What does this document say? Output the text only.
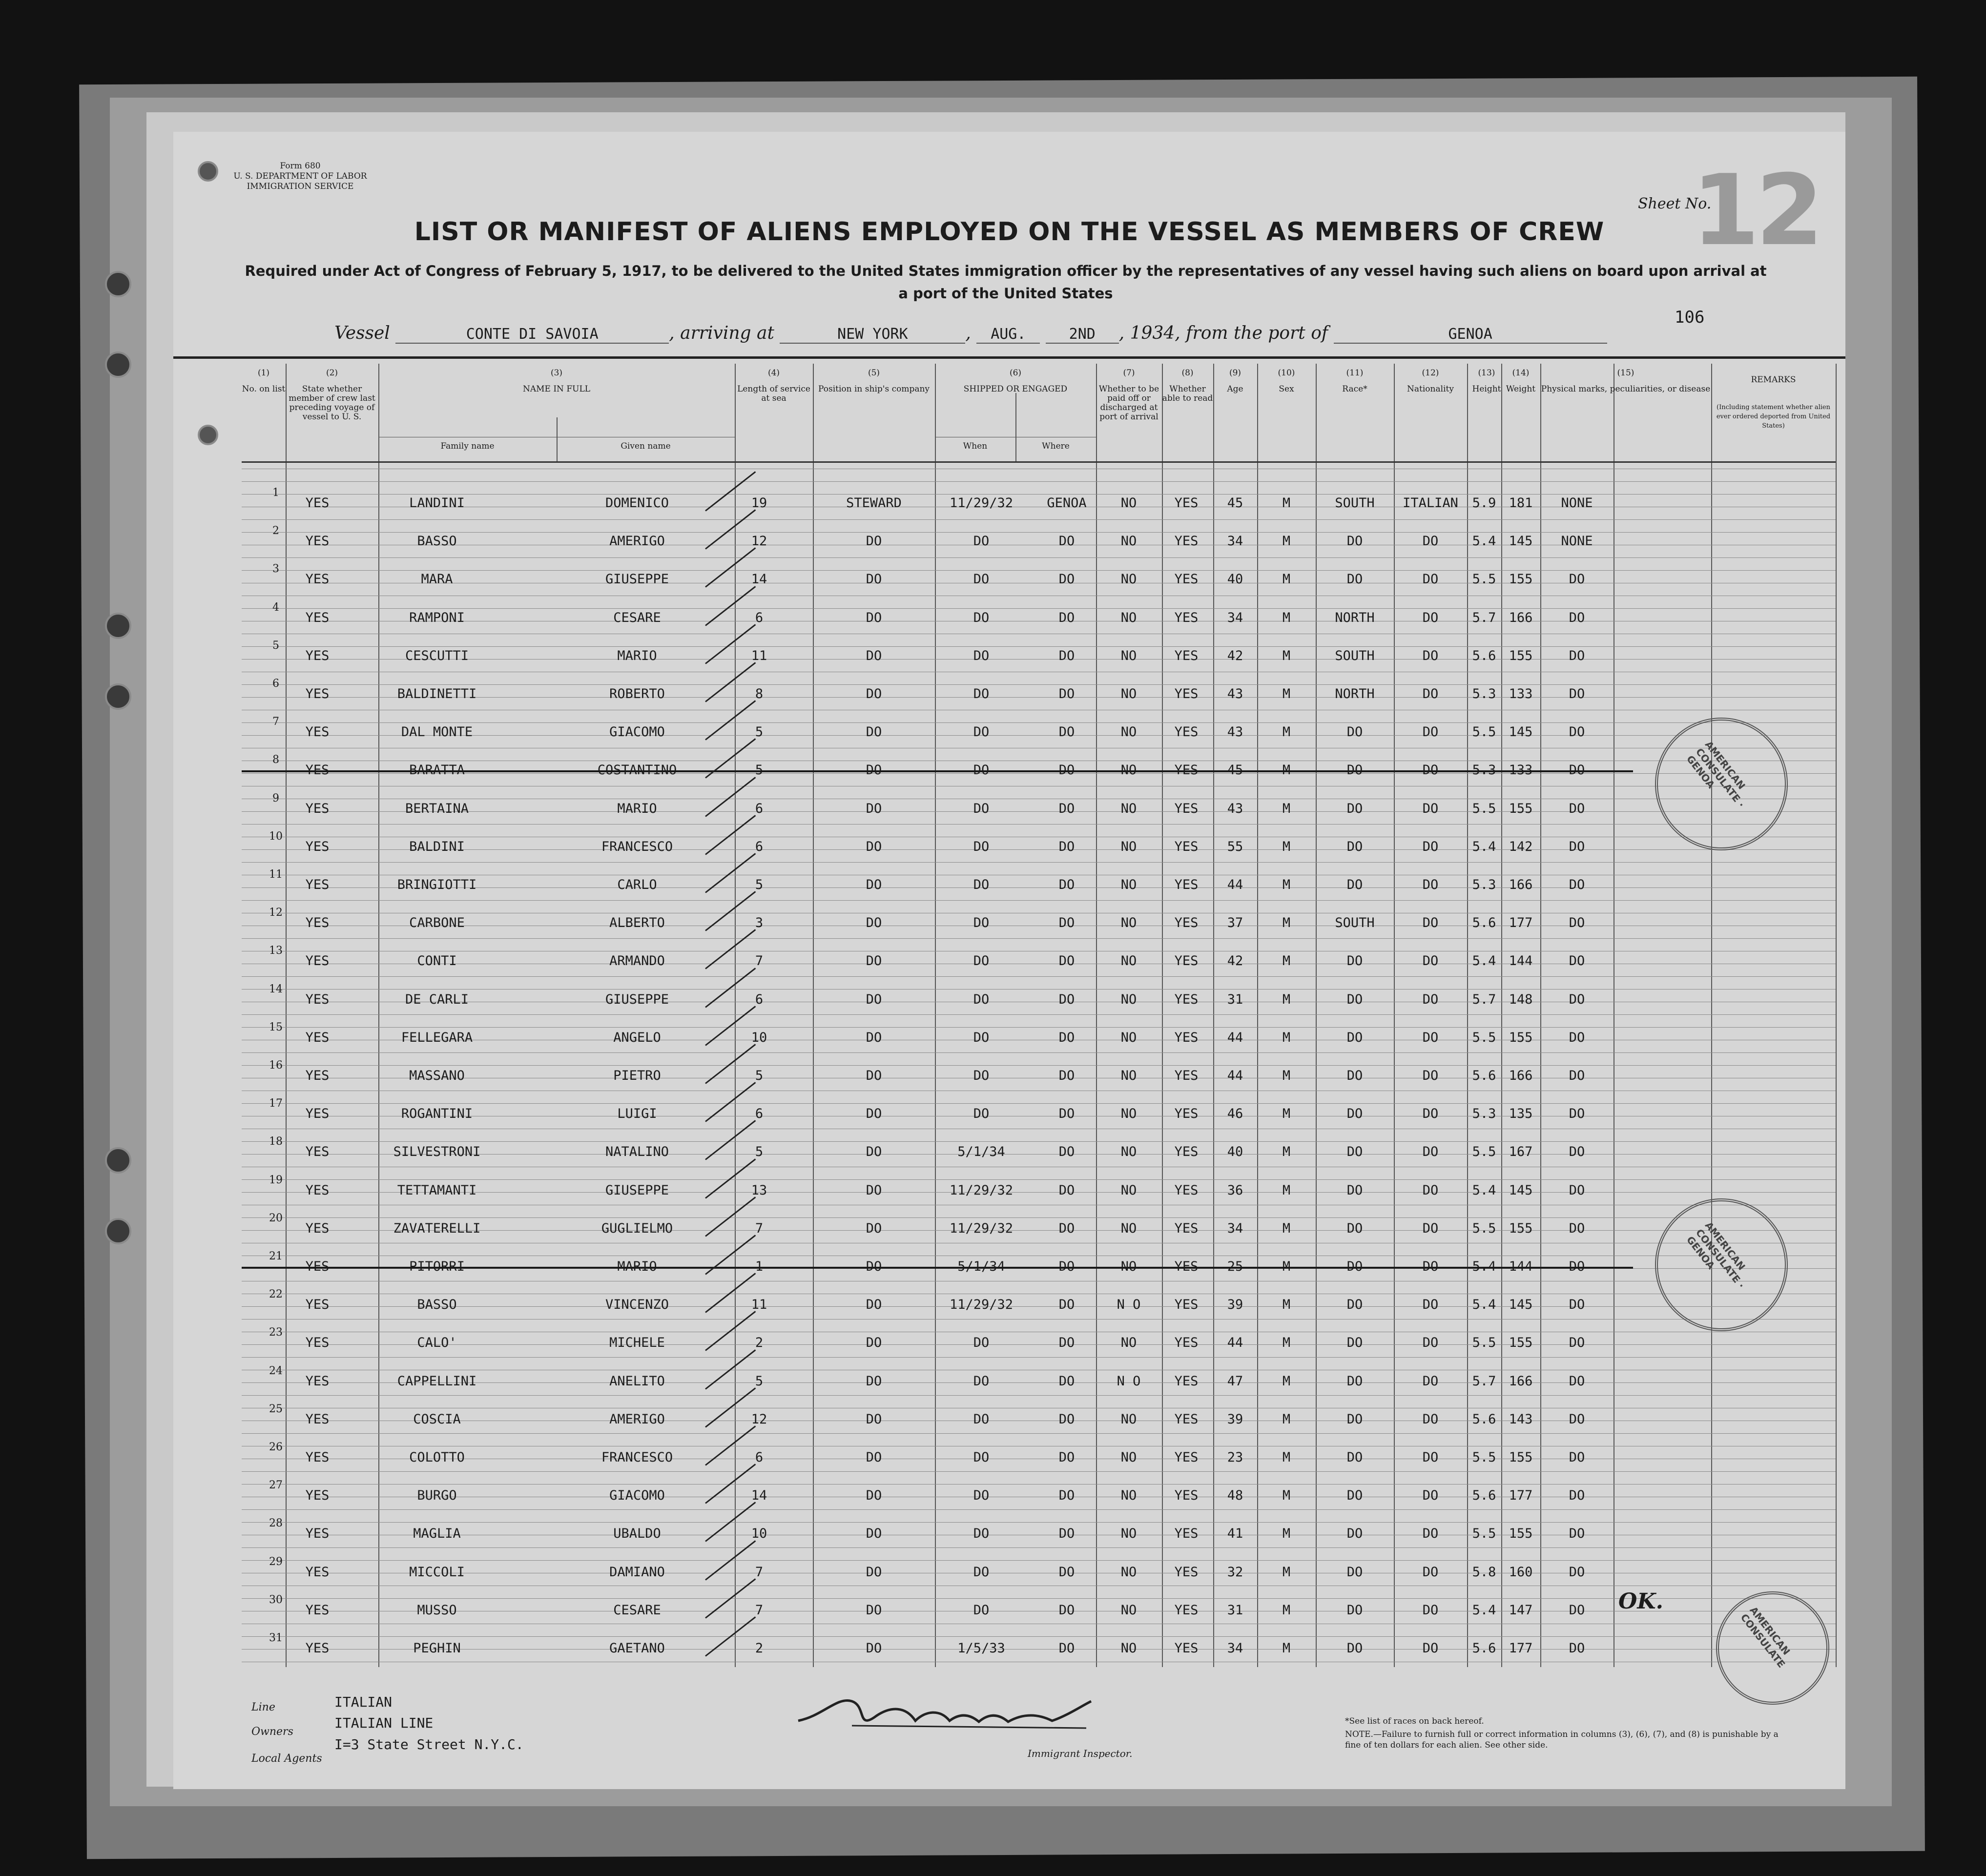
Form 680
U. S. DEPARTMENT OF LABOR
IMMIGRATION SERVICE
Sheet No.
12
LIST OR MANIFEST OF ALIENS EMPLOYED ON THE VESSEL AS MEMBERS OF CREW
Required under Act of Congress of February 5, 1917, to be delivered to the United States immigration officer by the representatives of any vessel having such aliens on board upon arrival at a port of the United States
106
Vessel	CONTE DI SAVOIA	, arriving at	NEW YORK	, AUG.	2ND , 1934, from the port of	GENOA
(1)
No. on list
(2)
State whether member of crew last preceding voyage of vessel to U. S.
(3)
NAME IN FULL
Family name	Given name
(4)
Length of service at sea
(5)
Position in ship's company
(6)
SHIPPED OR ENGAGED
When	Where
(7)
Whether to be paid off or discharged at port of arrival
(8)
Whether able to read
(9)
Age
(10)
Sex
(11)
Race*
(12)
Nationality
(13)
Height
(14)
Weight
(15)
Physical marks, peculiarities, or disease
REMARKS
(Including statement whether alien ever ordered deported from United States)
1
YES	LANDINI	DOMENICO	19	STEWARD	11/29/32	GENOA	NO	YES	45	M	SOUTH	ITALIAN	5.9 181	NONE
2
YES	BASSO	AMERIGO	12	DO	DO	DO	NO	YES	34	M	DO	DO	5.4 145	NONE
3
YES	MARA	GIUSEPPE	14	DO	DO	DO	NO	YES	40	M	DO	DO	5.5 155	DO
4
YES	RAMPONI	CESARE	6	DO	DO	DO	NO	YES	34	M	NORTH	DO	5.7 166	DO
5
YES	CESCUTTI	MARIO	11	DO	DO	DO	NO	YES	42	M	SOUTH	DO	5.6 155	DO
6
YES	BALDINETTI	ROBERTO	8	DO	DO	DO	NO	YES	43	M	NORTH	DO	5.3 133	DO
7
YES	DAL MONTE	GIACOMO	5	DO	DO	DO	NO	YES	43	M	DO	DO	5.5 145	DO
8
YES	BARATTA	COSTANTINO	5	DO	DO	DO	NO	YES	45	M	DO	DO	5.3 133	DO
9
YES	BERTAINA	MARIO	6	DO	DO	DO	NO	YES	43	M	DO	DO	5.5 155	DO
10
YES	BALDINI	FRANCESCO	6	DO	DO	DO	NO	YES	55	M	DO	DO	5.4 142	DO
11
YES	BRINGIOTTI	CARLO	5	DO	DO	DO	NO	YES	44	M	DO	DO	5.3 166	DO
12
YES	CARBONE	ALBERTO	3	DO	DO	DO	NO	YES	37	M	SOUTH	DO	5.6 177	DO
13
YES	CONTI	ARMANDO	7	DO	DO	DO	NO	YES	42	M	DO	DO	5.4 144	DO
14
YES	DE CARLI	GIUSEPPE	6	DO	DO	DO	NO	YES	31	M	DO	DO	5.7 148	DO
15
YES	FELLEGARA	ANGELO	10	DO	DO	DO	NO	YES	44	M	DO	DO	5.5 155	DO
16
YES	MASSANO	PIETRO	5	DO	DO	DO	NO	YES	44	M	DO	DO	5.6 166	DO
17
YES	ROGANTINI	LUIGI	6	DO	DO	DO	NO	YES	46	M	DO	DO	5.3 135	DO
18
YES	SILVESTRONI	NATALINO	5	DO	5/1/34	DO	NO	YES	40	M	DO	DO	5.5 167	DO
19
YES	TETTAMANTI	GIUSEPPE	13	DO	11/29/32	DO	NO	YES	36	M	DO	DO	5.4 145	DO
20
YES	ZAVATERELLI	GUGLIELMO	7	DO	11/29/32	DO	NO	YES	34	M	DO	DO	5.5 155	DO
21
YES	PITORRI	MARIO	1	DO	5/1/34	DO	NO	YES	25	M	DO	DO	5.4 144	DO
22
YES	BASSO	VINCENZO	11	DO	11/29/32	DO	N O	YES	39	M	DO	DO	5.4 145	DO
23
YES	CALO'	MICHELE	2	DO	DO	DO	NO	YES	44	M	DO	DO	5.5 155	DO
24
YES	CAPPELLINI	ANELITO	5	DO	DO	DO	N O	YES	47	M	DO	DO	5.7 166	DO
25
YES	COSCIA	AMERIGO	12	DO	DO	DO	NO	YES	39	M	DO	DO	5.6 143	DO
26
YES	COLOTTO	FRANCESCO	6	DO	DO	DO	NO	YES	23	M	DO	DO	5.5 155	DO
27
YES	BURGO	GIACOMO	14	DO	DO	DO	NO	YES	48	M	DO	DO	5.6 177	DO
28
YES	MAGLIA	UBALDO	10	DO	DO	DO	NO	YES	41	M	DO	DO	5.5 155	DO
29
YES	MICCOLI	DAMIANO	7	DO	DO	DO	NO	YES	32	M	DO	DO	5.8 160	DO
30
YES	MUSSO	CESARE	7	DO	DO	DO	NO	YES	31	M	DO	DO	5.4 147	DO
31
YES	PEGHIN	GAETANO	2	DO	1/5/33	DO	NO	YES	34	M	DO	DO	5.6 177	DO
AMERICAN CONSULATE · GENOA
AMERICAN CONSULATE · GENOA
AMERICAN CONSULATE
OK.
Line	ITALIAN
Owners
ITALIAN LINE
Local Agents
I=3 State Street N.Y.C.
Immigrant Inspector.
*See list of races on back hereof.
NOTE.—Failure to furnish full or correct information in columns (3), (6), (7), and (8) is punishable by a fine of ten dollars for each alien. See other side.
